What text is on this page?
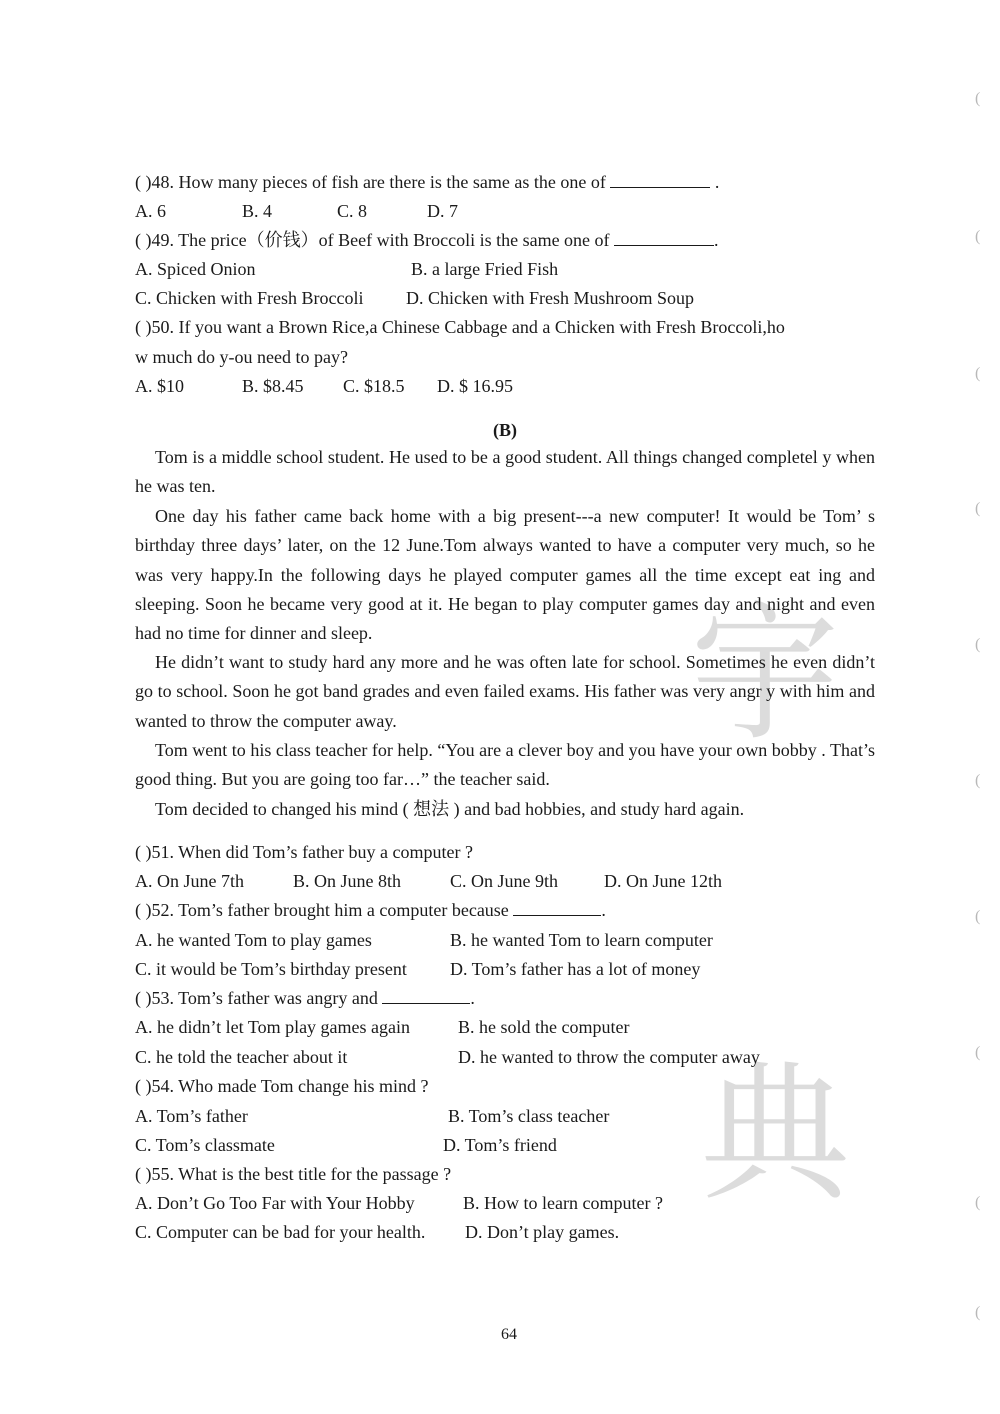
宇
典
(
(
(
(
(
(
(
(
(
(
( )48. How many pieces of fish are there is the same as the one of	.
A. 6	B. 4	C. 8	D. 7
( )49. The price（价钱）of Beef with Broccoli is the same one of	.
A. Spiced Onion	B. a large Fried Fish
C. Chicken with Fresh Broccoli D. Chicken with Fresh Mushroom Soup
( )50. If you want a Brown Rice,a Chinese Cabbage and a Chicken with Fresh Broccoli,ho
w much do y-ou need to pay?
A. $10	B. $8.45 C. $18.5 D. $ 16.95
(B)
Tom is a middle school student. He used to be a good student. All things changed completel y when he was ten.
One day his father came back home with a big present---a new computer! It would be Tom’ s birthday three days’ later, on the 12 June.Tom always wanted to have a computer very much, so he was very happy.In the following days he played computer games all the time except eat ing and sleeping. Soon he became very good at it. He began to play computer games day and night and even had no time for dinner and sleep.
He didn’t want to study hard any more and he was often late for school. Sometimes he even didn’t go to school. Soon he got band grades and even failed exams. His father was very angr y with him and wanted to throw the computer away.
Tom went to his class teacher for help. “You are a clever boy and you have your own bobby . That’s good thing. But you are going too far…” the teacher said.
Tom decided to changed his mind ( 想法 ) and bad hobbies, and study hard again.
( )51. When did Tom’s father buy a computer ?
A. On June 7th	B. On June 8th	C. On June 9th	D. On June 12th
( )52. Tom’s father brought him a computer because	.
A. he wanted Tom to play games	B. he wanted Tom to learn computer
C. it would be Tom’s birthday present D. Tom’s father has a lot of money
( )53. Tom’s father was angry and	.
A. he didn’t let Tom play games again	B. he sold the computer
C. he told the teacher about it	D. he wanted to throw the computer away
( )54. Who made Tom change his mind ?
A. Tom’s father	B. Tom’s class teacher
C. Tom’s classmate	D. Tom’s friend
( )55. What is the best title for the passage ?
A. Don’t Go Too Far with Your Hobby	B. How to learn computer ?
C. Computer can be bad for your health. D. Don’t play games.
64
